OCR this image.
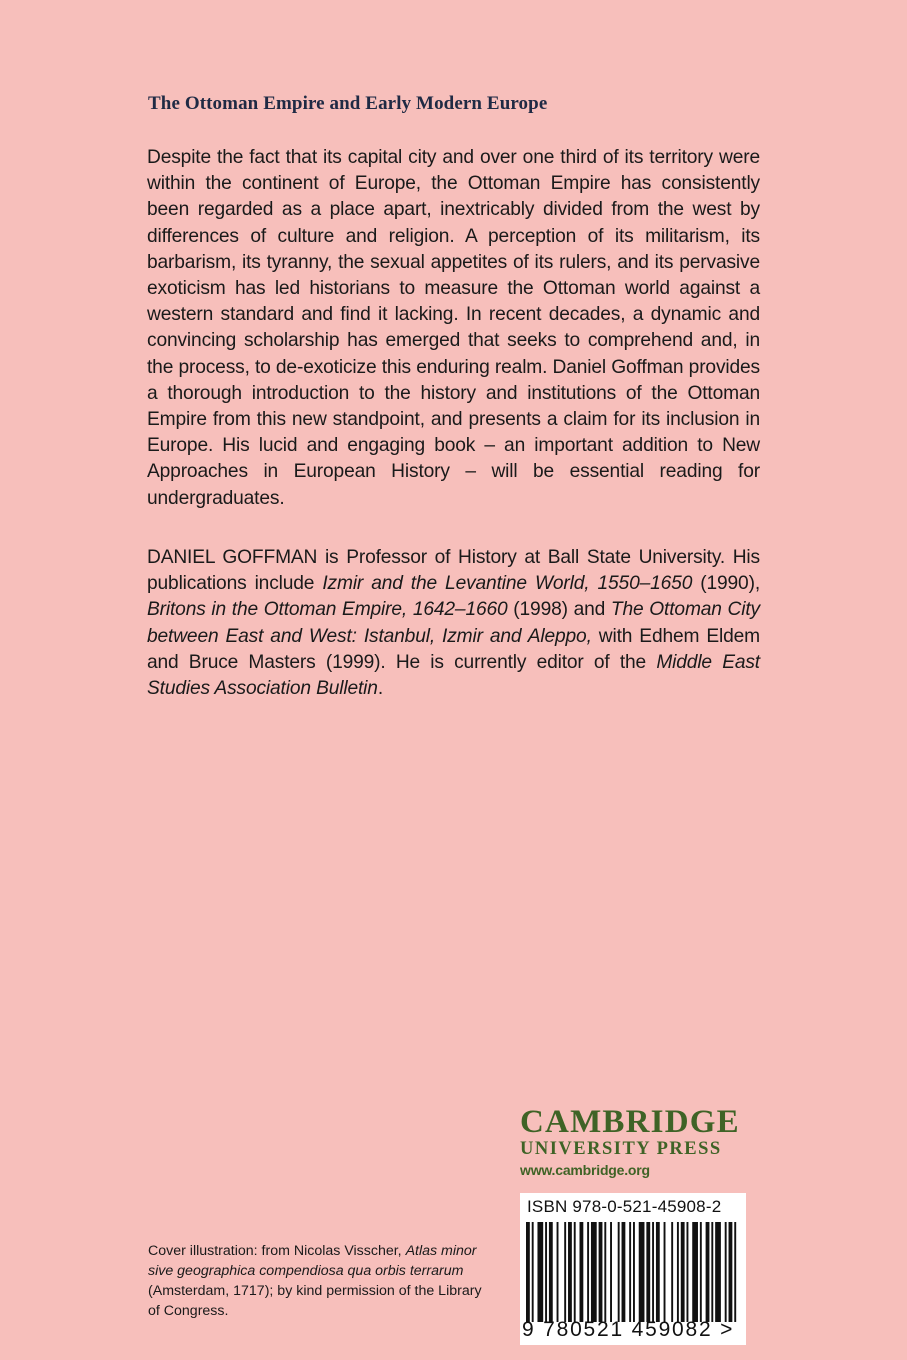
The Ottoman Empire and Early Modern Europe

Despite the fact that its capital city and over one third of its territory were within the continent of Europe, the Ottoman Empire has consistently been regarded as a place apart, inextricably divided from the west by differences of culture and religion. A perception of its militarism, its barbarism, its tyranny, the sexual appetites of its rulers, and its pervasive exoticism has led historians to measure the Ottoman world against a western standard and find it lacking. In recent decades, a dynamic and convincing scholarship has emerged that seeks to comprehend and, in the process, to de-exoticize this enduring realm. Daniel Goffman provides a thorough introduction to the history and institutions of the Ottoman Empire from this new standpoint, and presents a claim for its inclusion in Europe. His lucid and engaging book – an important addition to New Approaches in European History – will be essential reading for undergraduates.

DANIEL GOFFMAN is Professor of History at Ball State University. His publications include Izmir and the Levantine World, 1550–1650 (1990), Britons in the Ottoman Empire, 1642–1660 (1998) and The Ottoman City between East and West: Istanbul, Izmir and Aleppo, with Edhem Eldem and Bruce Masters (1999). He is currently editor of the Middle East Studies Association Bulletin.

CAMBRIDGE
UNIVERSITY PRESS
www.cambridge.org
ISBN 978-0-521-45908-2
9 780521 459082 >

Cover illustration: from Nicolas Visscher, Atlas minor sive geographica compendiosa qua orbis terrarum (Amsterdam, 1717); by kind permission of the Library of Congress.
